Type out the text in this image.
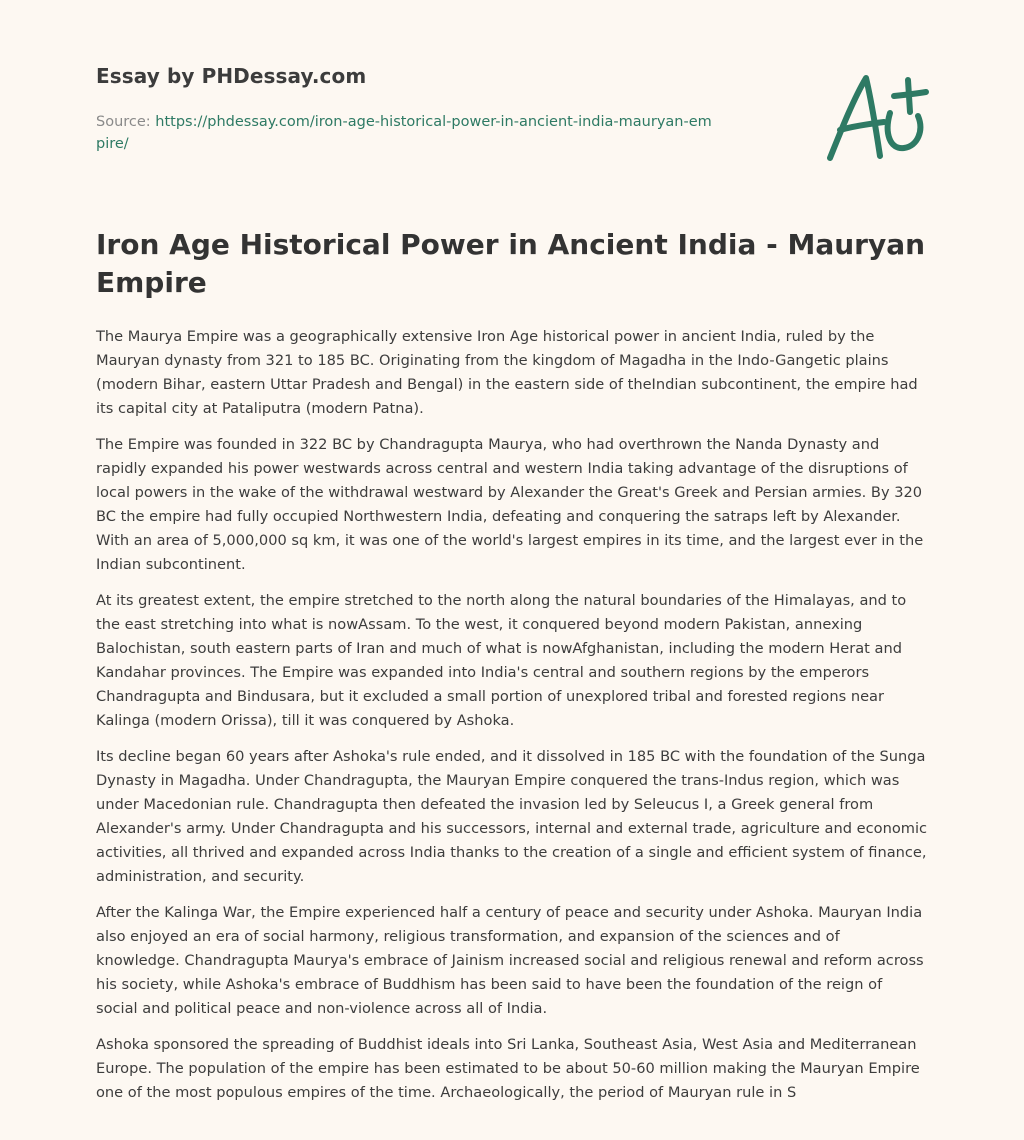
Essay by PHDessay.com
Source: https://phdessay.com/iron-age-historical-power-in-ancient-india-mauryan-empire/
Iron Age Historical Power in Ancient India - Mauryan Empire

The Maurya Empire was a geographically extensive Iron Age historical power in ancient India, ruled by the Mauryan dynasty from 321 to 185 BC. Originating from the kingdom of Magadha in the Indo-Gangetic plains (modern Bihar, eastern Uttar Pradesh and Bengal) in the eastern side of theIndian subcontinent, the empire had its capital city at Pataliputra (modern Patna).

The Empire was founded in 322 BC by Chandragupta Maurya, who had overthrown the Nanda Dynasty and rapidly expanded his power westwards across central and western India taking advantage of the disruptions of local powers in the wake of the withdrawal westward by Alexander the Great's Greek and Persian armies. By 320 BC the empire had fully occupied Northwestern India, defeating and conquering the satraps left by Alexander. With an area of 5,000,000 sq km, it was one of the world's largest empires in its time, and the largest ever in the Indian subcontinent.

At its greatest extent, the empire stretched to the north along the natural boundaries of the Himalayas, and to the east stretching into what is nowAssam. To the west, it conquered beyond modern Pakistan, annexing Balochistan, south eastern parts of Iran and much of what is nowAfghanistan, including the modern Herat and Kandahar provinces. The Empire was expanded into India's central and southern regions by the emperors Chandragupta and Bindusara, but it excluded a small portion of unexplored tribal and forested regions near Kalinga (modern Orissa), till it was conquered by Ashoka.

Its decline began 60 years after Ashoka's rule ended, and it dissolved in 185 BC with the foundation of the Sunga Dynasty in Magadha. Under Chandragupta, the Mauryan Empire conquered the trans-Indus region, which was under Macedonian rule. Chandragupta then defeated the invasion led by Seleucus I, a Greek general from Alexander's army. Under Chandragupta and his successors, internal and external trade, agriculture and economic activities, all thrived and expanded across India thanks to the creation of a single and efficient system of finance, administration, and security.

After the Kalinga War, the Empire experienced half a century of peace and security under Ashoka. Mauryan India also enjoyed an era of social harmony, religious transformation, and expansion of the sciences and of knowledge. Chandragupta Maurya's embrace of Jainism increased social and religious renewal and reform across his society, while Ashoka's embrace of Buddhism has been said to have been the foundation of the reign of social and political peace and non-violence across all of India.

Ashoka sponsored the spreading of Buddhist ideals into Sri Lanka, Southeast Asia, West Asia and Mediterranean Europe. The population of the empire has been estimated to be about 50-60 million making the Mauryan Empire one of the most populous empires of the time. Archaeologically, the period of Mauryan rule in S
